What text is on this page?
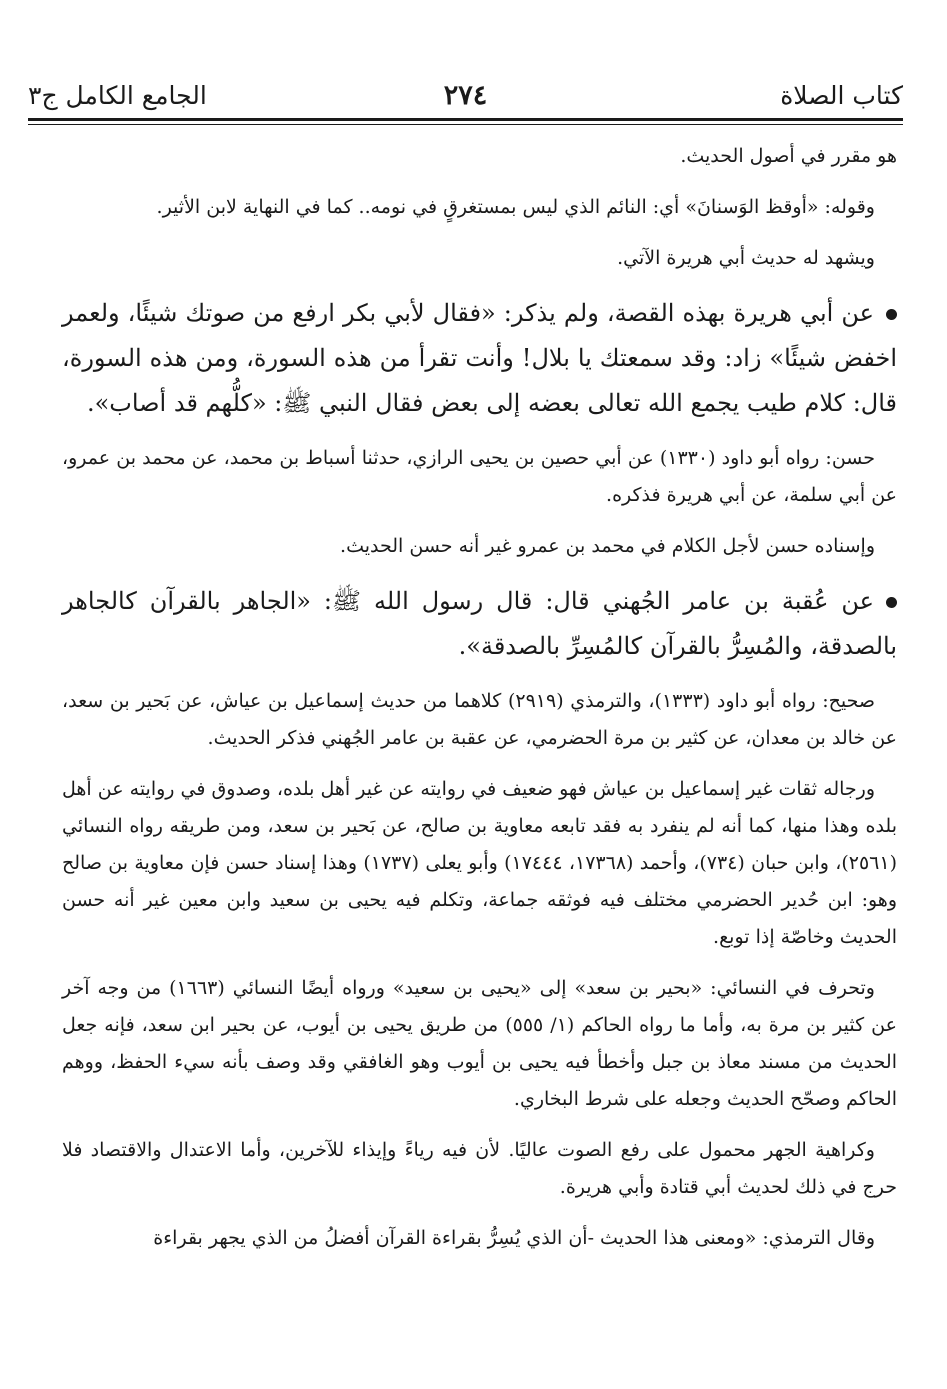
كتاب الصلاة
٢٧٤
الجامع الكامل ج٣

هو مقرر في أصول الحديث.

وقوله: «أوقظ الوَسنانَ» أي: النائم الذي ليس بمستغرقٍ في نومه.. كما في النهاية لابن الأثير.

ويشهد له حديث أبي هريرة الآتي.

عن أبي هريرة بهذه القصة، ولم يذكر: «فقال لأبي بكر ارفع من صوتك شيئًا، ولعمر اخفض شيئًا» زاد: وقد سمعتك يا بلال! وأنت تقرأ من هذه السورة، ومن هذه السورة، قال: كلام طيب يجمع الله تعالى بعضه إلى بعض فقال النبي ﷺ: «كلُّهم قد أصاب».

حسن: رواه أبو داود (١٣٣٠) عن أبي حصين بن يحيى الرازي، حدثنا أسباط بن محمد، عن محمد بن عمرو، عن أبي سلمة، عن أبي هريرة فذكره.

وإسناده حسن لأجل الكلام في محمد بن عمرو غير أنه حسن الحديث.

عن عُقبة بن عامر الجُهني قال: قال رسول الله ﷺ: «الجاهر بالقرآن كالجاهر بالصدقة، والمُسِرُّ بالقرآن كالمُسِرِّ بالصدقة».

صحيح: رواه أبو داود (١٣٣٣)، والترمذي (٢٩١٩) كلاهما من حديث إسماعيل بن عياش، عن بَحير بن سعد، عن خالد بن معدان، عن كثير بن مرة الحضرمي، عن عقبة بن عامر الجُهني فذكر الحديث.

ورجاله ثقات غير إسماعيل بن عياش فهو ضعيف في روايته عن غير أهل بلده، وصدوق في روايته عن أهل بلده وهذا منها، كما أنه لم ينفرد به فقد تابعه معاوية بن صالح، عن بَحير بن سعد، ومن طريقه رواه النسائي (٢٥٦١)، وابن حبان (٧٣٤)، وأحمد (١٧٣٦٨، ١٧٤٤٤) وأبو يعلى (١٧٣٧) وهذا إسناد حسن فإن معاوية بن صالح وهو: ابن حُدير الحضرمي مختلف فيه فوثقه جماعة، وتكلم فيه يحيى بن سعيد وابن معين غير أنه حسن الحديث وخاصّة إذا توبع.

وتحرف في النسائي: «بحير بن سعد» إلى «يحيى بن سعيد» ورواه أيضًا النسائي (١٦٦٣) من وجه آخر عن كثير بن مرة به، وأما ما رواه الحاكم (١/ ٥٥٥) من طريق يحيى بن أيوب، عن بحير ابن سعد، فإنه جعل الحديث من مسند معاذ بن جبل وأخطأ فيه يحيى بن أيوب وهو الغافقي وقد وصف بأنه سيء الحفظ، ووهم الحاكم وصحّح الحديث وجعله على شرط البخاري.

وكراهية الجهر محمول على رفع الصوت عاليًا. لأن فيه رياءً وإيذاء للآخرين، وأما الاعتدال والاقتصاد فلا حرج في ذلك لحديث أبي قتادة وأبي هريرة.

وقال الترمذي: «ومعنى هذا الحديث -أن الذي يُسِرُّ بقراءة القرآن أفضلُ من الذي يجهر بقراءة
